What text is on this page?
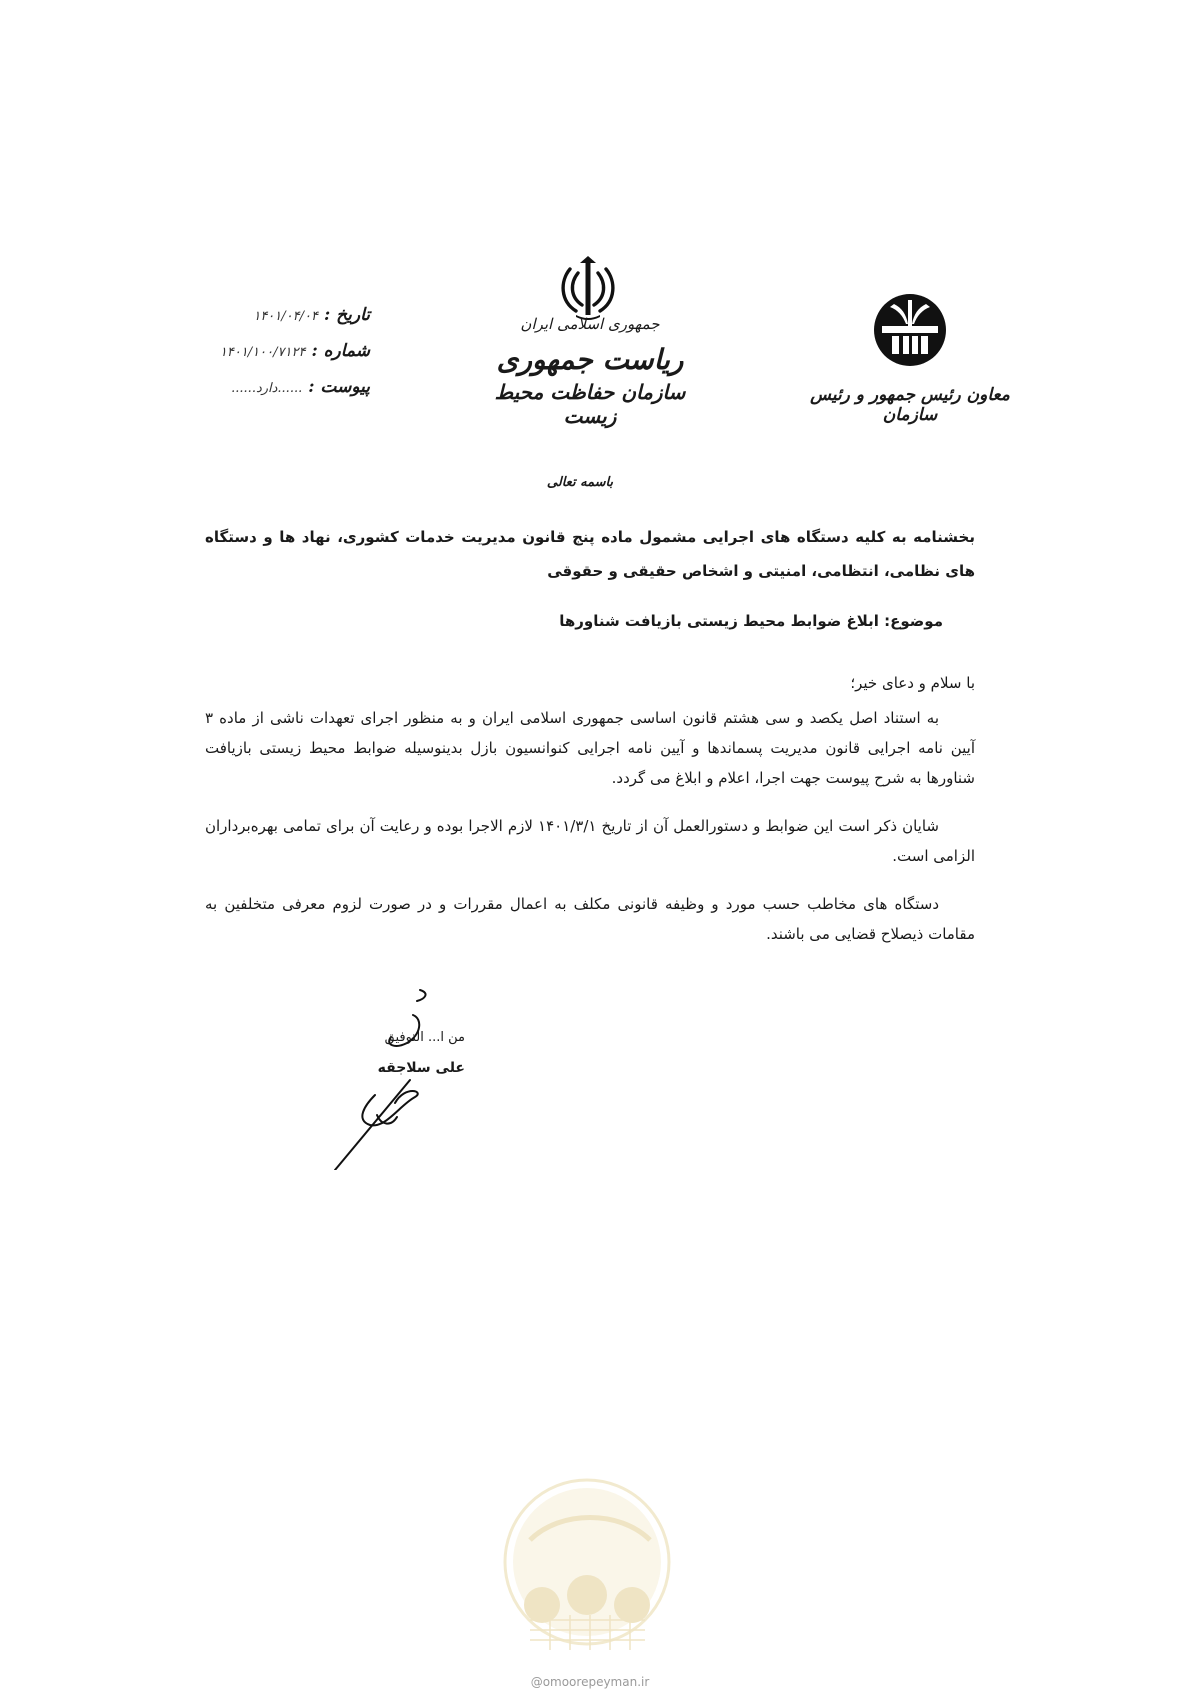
جمهوری اسلامی ایران
ریاست جمهوری
سازمان حفاظت محیط زیست
معاون رئیس جمهور و رئیس سازمان
تاریخ :
۱۴۰۱/۰۴/۰۴
شماره :
۱۴۰۱/۱۰۰/۷۱۲۴
پیوست :
......دارد......
باسمه تعالی
بخشنامه به کلیه دستگاه های اجرایی مشمول ماده پنج قانون مدیریت خدمات کشوری، نهاد ها و دستگاه های نظامی، انتظامی، امنیتی و اشخاص حقیقی و حقوقی
موضوع: ابلاغ ضوابط محیط زیستی بازیافت شناورها

با سلام و دعای خیر؛

به استناد اصل یکصد و سی هشتم قانون اساسی جمهوری اسلامی ایران و به منظور اجرای تعهدات ناشی از ماده ۳ آیین نامه اجرایی قانون مدیریت پسماندها و آیین نامه اجرایی کنوانسیون بازل بدینوسیله ضوابط محیط زیستی بازیافت شناورها به شرح پیوست جهت اجرا، اعلام و ابلاغ می گردد.

شایان ذکر است این ضوابط و دستورالعمل آن از تاریخ ۱۴۰۱/۳/۱ لازم الاجرا بوده و رعایت آن برای تمامی بهره‌برداران الزامی است.

دستگاه های مخاطب حسب مورد و وظیفه قانونی مکلف به اعمال مقررات و در صورت لزوم معرفی متخلفین به مقامات ذیصلاح قضایی می باشند.

من ا... التوفیق
علی سلاجقه
@omoorepeyman.ir
